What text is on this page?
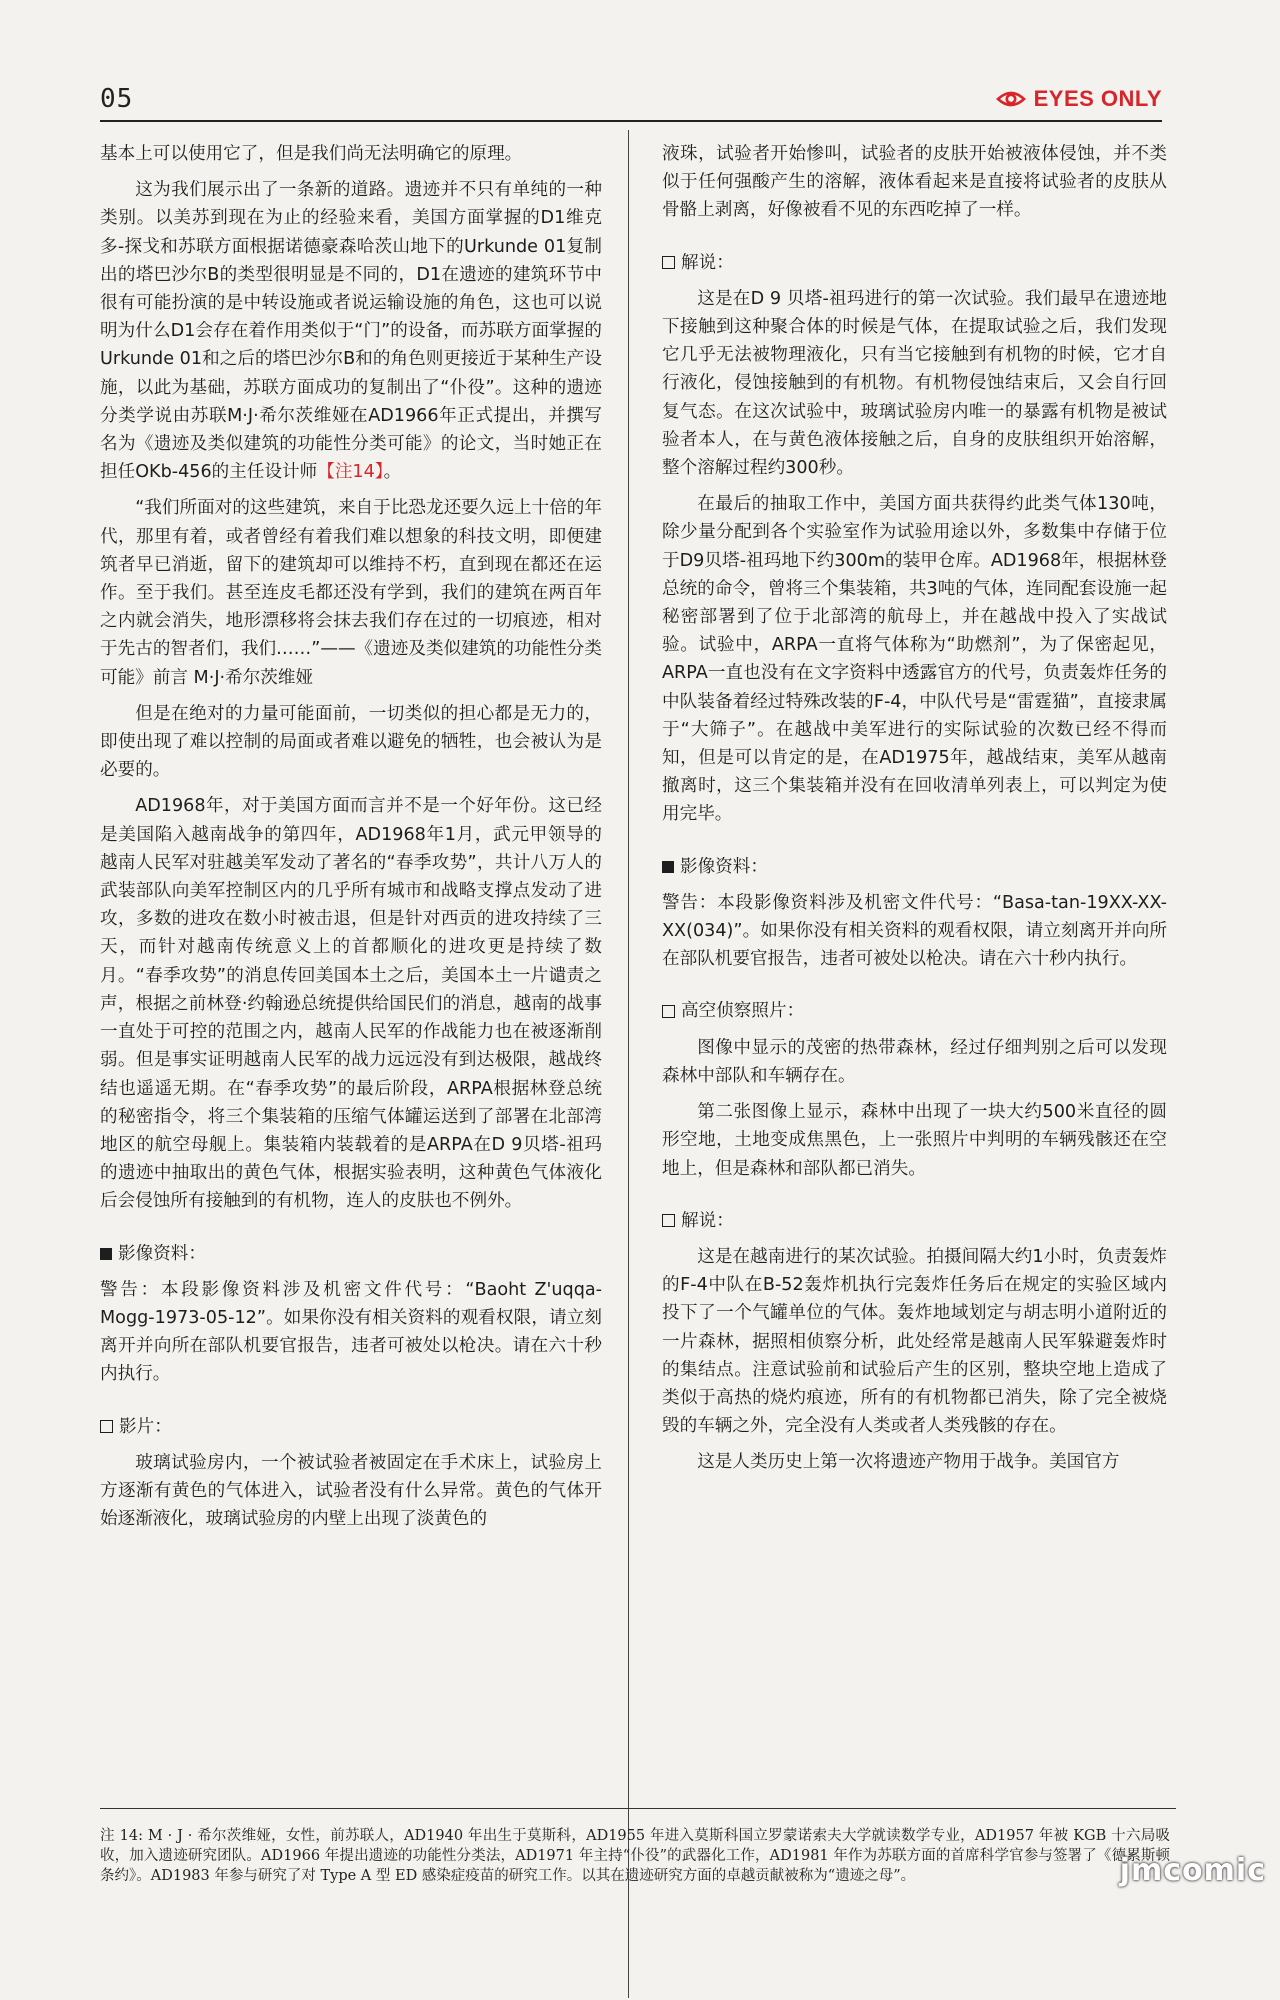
05	EYES ONLY

基本上可以使用它了，但是我们尚无法明确它的原理。

这为我们展示出了一条新的道路。遗迹并不只有单纯的一种类别。以美苏到现在为止的经验来看，美国方面掌握的D1维克多-探戈和苏联方面根据诺德豪森哈茨山地下的Urkunde 01复制出的塔巴沙尔B的类型很明显是不同的，D1在遗迹的建筑环节中很有可能扮演的是中转设施或者说运输设施的角色，这也可以说明为什么D1会存在着作用类似于“门”的设备，而苏联方面掌握的Urkunde 01和之后的塔巴沙尔B和的角色则更接近于某种生产设施，以此为基础，苏联方面成功的复制出了“仆役”。这种的遗迹分类学说由苏联M·J·希尔茨维娅在AD1966年正式提出，并撰写名为《遗迹及类似建筑的功能性分类可能》的论文，当时她正在担任OKb-456的主任设计师【注14】。

“我们所面对的这些建筑，来自于比恐龙还要久远上十倍的年代，那里有着，或者曾经有着我们难以想象的科技文明，即便建筑者早已消逝，留下的建筑却可以维持不朽，直到现在都还在运作。至于我们。甚至连皮毛都还没有学到，我们的建筑在两百年之内就会消失，地形漂移将会抹去我们存在过的一切痕迹，相对于先古的智者们，我们……”——《遗迹及类似建筑的功能性分类可能》前言 M·J·希尔茨维娅

但是在绝对的力量可能面前，一切类似的担心都是无力的，即使出现了难以控制的局面或者难以避免的牺牲，也会被认为是必要的。

AD1968年，对于美国方面而言并不是一个好年份。这已经是美国陷入越南战争的第四年，AD1968年1月，武元甲领导的越南人民军对驻越美军发动了著名的“春季攻势”，共计八万人的武装部队向美军控制区内的几乎所有城市和战略支撑点发动了进攻，多数的进攻在数小时被击退，但是针对西贡的进攻持续了三天，而针对越南传统意义上的首都顺化的进攻更是持续了数月。“春季攻势”的消息传回美国本土之后，美国本土一片谴责之声，根据之前林登·约翰逊总统提供给国民们的消息，越南的战事一直处于可控的范围之内，越南人民军的作战能力也在被逐渐削弱。但是事实证明越南人民军的战力远远没有到达极限，越战终结也遥遥无期。在“春季攻势”的最后阶段，ARPA根据林登总统的秘密指令，将三个集装箱的压缩气体罐运送到了部署在北部湾地区的航空母舰上。集装箱内装载着的是ARPA在D 9贝塔-祖玛的遗迹中抽取出的黄色气体，根据实验表明，这种黄色气体液化后会侵蚀所有接触到的有机物，连人的皮肤也不例外。

影像资料：

警告：本段影像资料涉及机密文件代号：“Baoht Z'uqqa-Mogg-1973-05-12”。如果你没有相关资料的观看权限，请立刻离开并向所在部队机要官报告，违者可被处以枪决。请在六十秒内执行。

影片：

玻璃试验房内，一个被试验者被固定在手术床上，试验房上方逐渐有黄色的气体进入，试验者没有什么异常。黄色的气体开始逐渐液化，玻璃试验房的内壁上出现了淡黄色的

液珠，试验者开始惨叫，试验者的皮肤开始被液体侵蚀，并不类似于任何强酸产生的溶解，液体看起来是直接将试验者的皮肤从骨骼上剥离，好像被看不见的东西吃掉了一样。

解说：

这是在D 9 贝塔-祖玛进行的第一次试验。我们最早在遗迹地下接触到这种聚合体的时候是气体，在提取试验之后，我们发现它几乎无法被物理液化，只有当它接触到有机物的时候，它才自行液化，侵蚀接触到的有机物。有机物侵蚀结束后，又会自行回复气态。在这次试验中，玻璃试验房内唯一的暴露有机物是被试验者本人，在与黄色液体接触之后，自身的皮肤组织开始溶解，整个溶解过程约300秒。

在最后的抽取工作中，美国方面共获得约此类气体130吨，除少量分配到各个实验室作为试验用途以外，多数集中存储于位于D9贝塔-祖玛地下约300m的装甲仓库。AD1968年，根据林登总统的命令，曾将三个集装箱，共3吨的气体，连同配套设施一起秘密部署到了位于北部湾的航母上，并在越战中投入了实战试验。试验中，ARPA一直将气体称为“助燃剂”，为了保密起见，ARPA一直也没有在文字资料中透露官方的代号，负责轰炸任务的中队装备着经过特殊改装的F-4，中队代号是“雷霆猫”，直接隶属于“大筛子”。在越战中美军进行的实际试验的次数已经不得而知，但是可以肯定的是，在AD1975年，越战结束，美军从越南撤离时，这三个集装箱并没有在回收清单列表上，可以判定为使用完毕。

影像资料：

警告：本段影像资料涉及机密文件代号：“Basa-tan-19XX-XX-XX(034)”。如果你没有相关资料的观看权限，请立刻离开并向所在部队机要官报告，违者可被处以枪决。请在六十秒内执行。

高空侦察照片：

图像中显示的茂密的热带森林，经过仔细判别之后可以发现森林中部队和车辆存在。

第二张图像上显示，森林中出现了一块大约500米直径的圆形空地，土地变成焦黑色，上一张照片中判明的车辆残骸还在空地上，但是森林和部队都已消失。

解说：

这是在越南进行的某次试验。拍摄间隔大约1小时，负责轰炸的F-4中队在B-52轰炸机执行完轰炸任务后在规定的实验区域内投下了一个气罐单位的气体。轰炸地域划定与胡志明小道附近的一片森林，据照相侦察分析，此处经常是越南人民军躲避轰炸时的集结点。注意试验前和试验后产生的区别，整块空地上造成了类似于高热的烧灼痕迹，所有的有机物都已消失，除了完全被烧毁的车辆之外，完全没有人类或者人类残骸的存在。

这是人类历史上第一次将遗迹产物用于战争。美国官方

注 14: M · J · 希尔茨维娅，女性，前苏联人，AD1940 年出生于莫斯科，AD1955 年进入莫斯科国立罗蒙诺索夫大学就读数学专业，AD1957 年被 KGB 十六局吸收，加入遗迹研究团队。AD1966 年提出遗迹的功能性分类法，AD1971 年主持“仆役”的武器化工作，AD1981 年作为苏联方面的首席科学官参与签署了《德累斯顿条约》。AD1983 年参与研究了对 Type A 型 ED 感染症疫苗的研究工作。以其在遗迹研究方面的卓越贡献被称为“遗迹之母”。	jmcomic
